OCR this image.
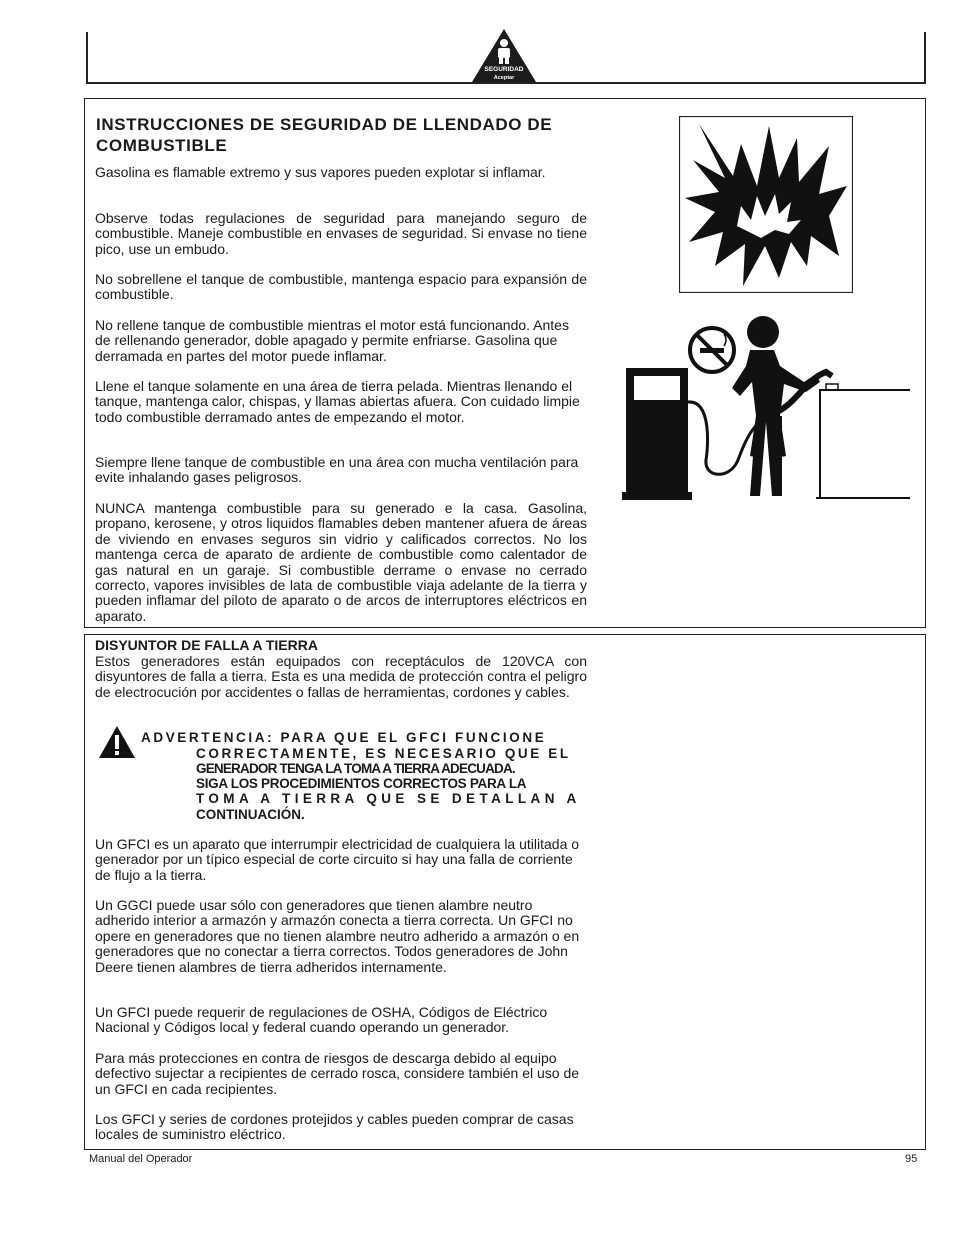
SEGURIDAD
Aceptar
INSTRUCCIONES DE SEGURIDAD DE LLENDADO DE COMBUSTIBLE

Gasolina es flamable extremo y sus vapores pueden explotar si inflamar.

Observe todas regulaciones de seguridad para manejando seguro de combustible. Maneje combustible en envases de seguridad. Si envase no tiene pico, use un embudo.

No sobrellene el tanque de combustible, mantenga espacio para expansión de combustible.

No rellene tanque de combustible mientras el motor está funcionando. Antes de rellenando generador, doble apagado y permite enfriarse. Gasolina que derramada en partes del motor puede inflamar.

Llene el tanque solamente en una área de tierra pelada. Mientras llenando el tanque, mantenga calor, chispas, y llamas abiertas afuera. Con cuidado limpie todo combustible derramado antes de empezando el motor.

Siempre llene tanque de combustible en una área con mucha ventilación para evite inhalando gases peligrosos.

NUNCA mantenga combustible para su generado e la casa. Gasolina, propano, kerosene, y otros liquidos flamables deben mantener afuera de áreas de viviendo en envases seguros sin vidrio y calificados correctos. No los mantenga cerca de aparato de ardiente de combustible como calentador de gas natural en un garaje. Si combustible derrame o envase no cerrado correcto, vapores invisibles de lata de combustible viaja adelante de la tierra y pueden inflamar del piloto de aparato o de arcos de interruptores eléctricos en aparato.

DISYUNTOR DE FALLA A TIERRA

Estos generadores están equipados con receptáculos de 120VCA con disyuntores de falla a tierra. Esta es una medida de protección contra el peligro de electrocución por accidentes o fallas de herramientas, cordones y cables.

ADVERTENCIA: PARA QUE EL GFCI FUNCIONE
CORRECTAMENTE, ES NECESARIO QUE EL
GENERADOR TENGA LA TOMA A TIERRA ADECUADA.
SIGA LOS PROCEDIMIENTOS CORRECTOS PARA LA
TOMA A TIERRA QUE SE DETALLAN A
CONTINUACIÓN.

Un GFCI es un aparato que interrumpir electricidad de cualquiera la utilitada o generador por un típico especial de corte circuito si hay una falla de corriente de flujo a la tierra.

Un GGCI puede usar sólo con generadores que tienen alambre neutro adherido interior a armazón y armazón conecta a tierra correcta. Un GFCI no opere en generadores que no tienen alambre neutro adherido a armazón o en generadores que no conectar a tierra correctos. Todos generadores de John Deere tienen alambres de tierra adheridos internamente.

Un GFCI puede requerir de regulaciones de OSHA, Códigos de Eléctrico Nacional y Códigos local y federal cuando operando un generador.

Para más protecciones en contra de riesgos de descarga debido al equipo defectivo sujectar a recipientes de cerrado rosca, considere también el uso de un GFCI en cada recipientes.

Los GFCI y series de cordones protejidos y cables pueden comprar de casas locales de suministro eléctrico.

Manual del Operador	95
